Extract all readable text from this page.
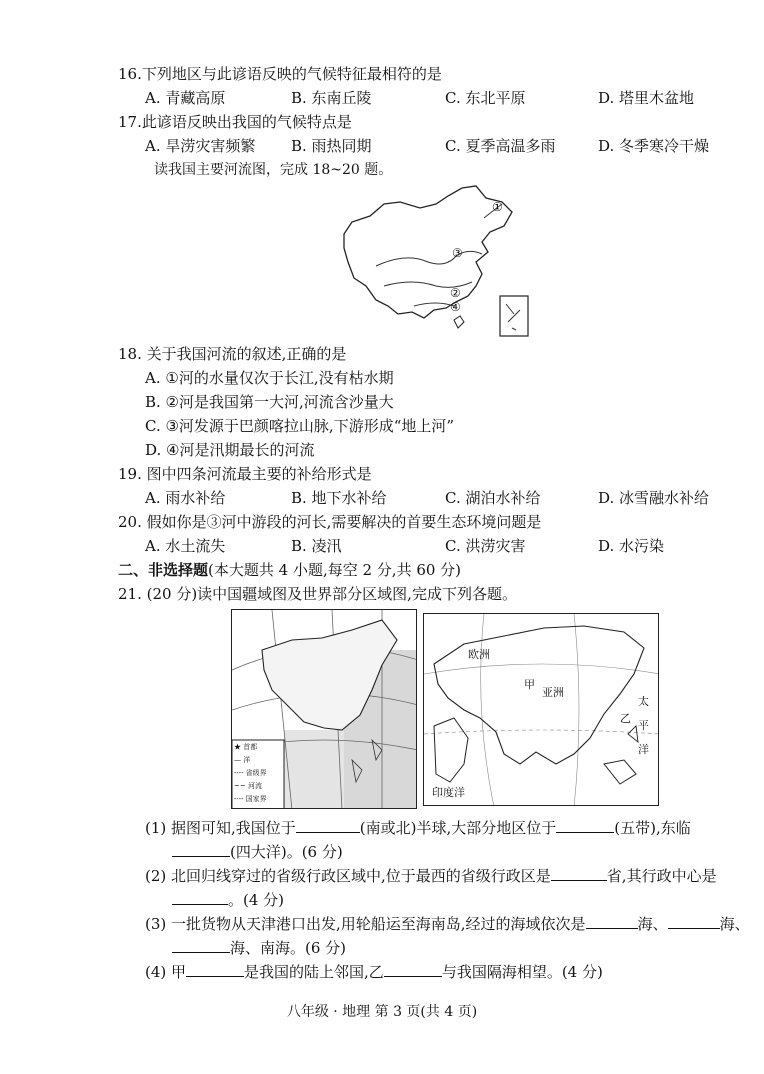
16.下列地区与此谚语反映的气候特征最相符的是
A. 青藏高原	B. 东南丘陵	C. 东北平原	D. 塔里木盆地
17.此谚语反映出我国的气候特点是
A. 旱涝灾害频繁 B. 雨热同期	C. 夏季高温多雨	D. 冬季寒冷干燥
读我国主要河流图，完成 18~20 题。
①
②
③
④
18. 关于我国河流的叙述,正确的是
A. ①河的水量仅次于长江,没有枯水期
B. ②河是我国第一大河,河流含沙量大
C. ③河发源于巴颜喀拉山脉,下游形成“地上河”
D. ④河是汛期最长的河流
19. 图中四条河流最主要的补给形式是
A. 雨水补给	B. 地下水补给	C. 湖泊水补给	D. 冰雪融水补给
20. 假如你是③河中游段的河长,需要解决的首要生态环境问题是
A. 水土流失	B. 凌汛	C. 洪涝灾害	D. 水污染
二、非选择题(本大题共 4 小题,每空 2 分,共 60 分)
21. (20 分)读中国疆域图及世界部分区域图,完成下列各题。
★ 首都
— 洋
---- 省级界
~~ 河流
---- 国家界
欧洲
亚洲
太平洋
印度洋
甲
乙
(1) 据图可知,我国位于	(南或北)半球,大部分地区位于	(五带),东临
(四大洋)。(6 分)
(2) 北回归线穿过的省级行政区域中,位于最西的省级行政区是	省,其行政中心是
。(4 分)
(3) 一批货物从天津港口出发,用轮船运至海南岛,经过的海域依次是	海、	海、
海、南海。(6 分)
(4) 甲	是我国的陆上邻国,乙	与我国隔海相望。(4 分)
八年级 · 地理 第 3 页(共 4 页)
